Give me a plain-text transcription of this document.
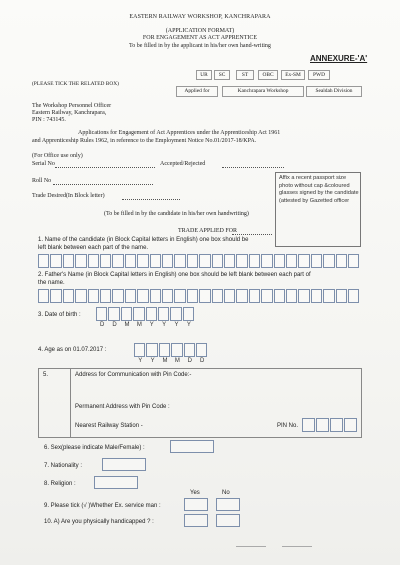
EASTERN RAILWAY WORKSHOP, KANCHRAPARA
(APPLICATION FORMAT)
FOR ENGAGEMENT AS ACT APPRENTICE
To be filled in by the applicant in his/her own hand-writing
ANNEXURE-'A'
UR	SC	ST	OBC	Ex-SM	PWD
(PLEASE TICK THE RELATED BOX)
Applied for	Kanchrapara Workshop	Sealdah Division
The Workshop Personnel Officer
Eastern Railway, Kanchrapara,
PIN : 743145.
Applications for Engagement of Act Apprentices under the Apprenticeship Act 1961
and Apprenticeship Rules 1962, in reference to the Employment Notice No.01/2017-18/KPA.
(For Office use only)
Serial No	Accepted/Rejected
Roll No
Trade Desired(In Block letter)
Affix a recent passport size photo without cap &coloured glasses signed by the candidate (attested by Gazetted officer
(To be filled in by the candidate in his/her own handwriting)
TRADE APPLIED FOR
1. Name of the candidate (in Block Capital letters in English) one box should be
left blank between each part of the name.
2. Father's Name (in Block Capital letters in English) one box should be left blank between each part of
the name.
3. Date of birth :
D	D	M	M	Y	Y	Y	Y
4. Age as on 01.07.2017 :
Y	Y	M	M	D	D
5.	Address for Communication with Pin Code:-
Permanent Address with Pin Code :
Nearest Railway Station -	PIN No.
6. Sex(please indicate Male/Female) :
7. Nationality :
8. Religion :
Yes	No
9. Please tick (√ )Whether Ex. service man :
10. A) Are you physically handicapped ? :
